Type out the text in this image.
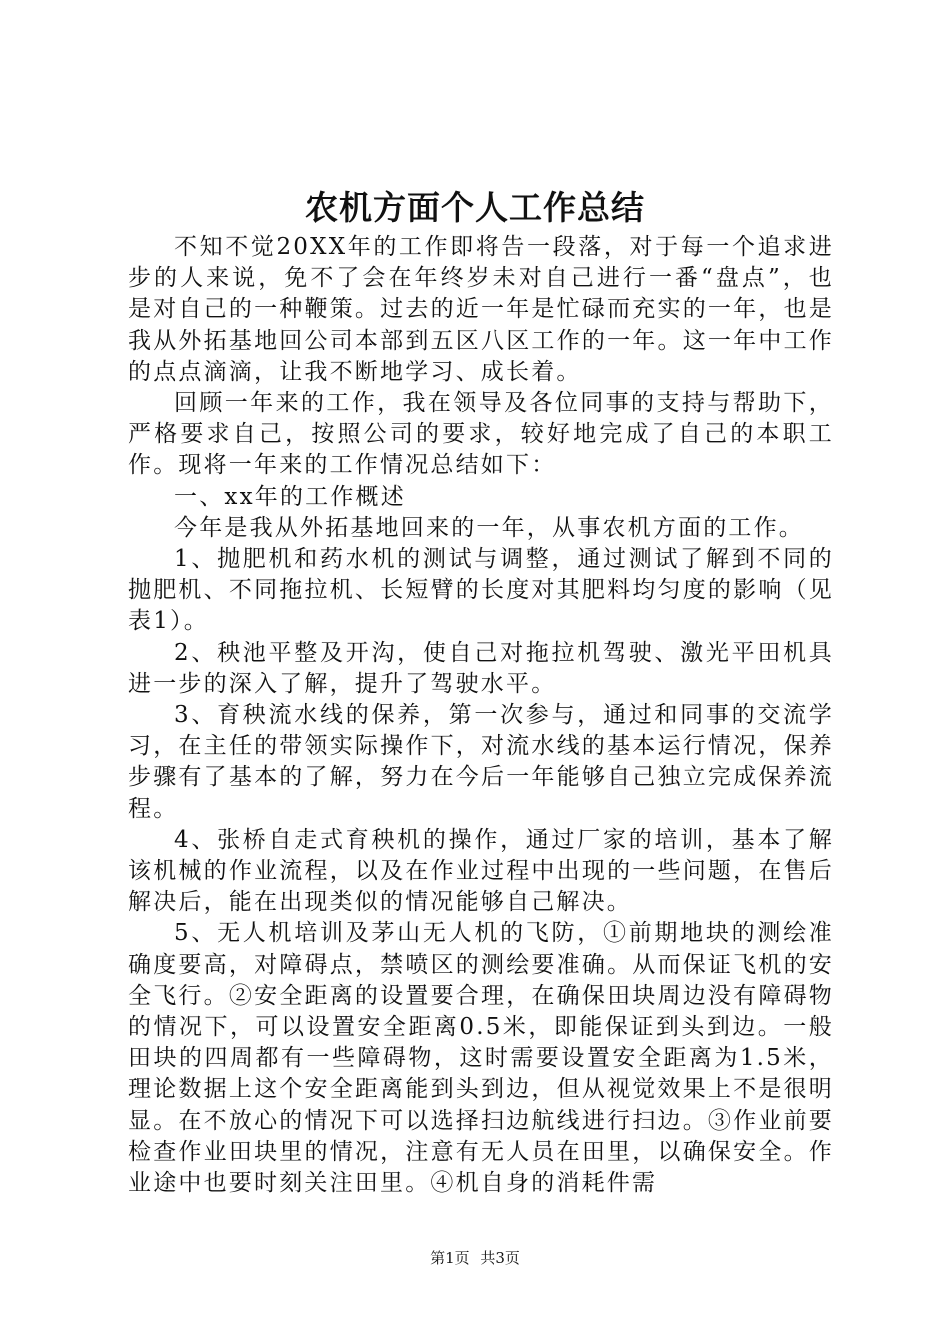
农机方面个人工作总结

不知不觉20XX年的工作即将告一段落，对于每一个追求进步的人来说，免不了会在年终岁未对自己进行一番“盘点”，也是对自己的一种鞭策。过去的近一年是忙碌而充实的一年，也是我从外拓基地回公司本部到五区八区工作的一年。这一年中工作的点点滴滴，让我不断地学习、成长着。

回顾一年来的工作，我在领导及各位同事的支持与帮助下，严格要求自己，按照公司的要求，较好地完成了自己的本职工作。现将一年来的工作情况总结如下：

一、xx年的工作概述

今年是我从外拓基地回来的一年，从事农机方面的工作。

1、抛肥机和药水机的测试与调整，通过测试了解到不同的抛肥机、不同拖拉机、长短臂的长度对其肥料均匀度的影响（见表1）。

2、秧池平整及开沟，使自己对拖拉机驾驶、激光平田机具进一步的深入了解，提升了驾驶水平。

3、育秧流水线的保养，第一次参与，通过和同事的交流学习，在主任的带领实际操作下，对流水线的基本运行情况，保养步骤有了基本的了解，努力在今后一年能够自己独立完成保养流程。

4、张桥自走式育秧机的操作，通过厂家的培训，基本了解该机械的作业流程，以及在作业过程中出现的一些问题，在售后解决后，能在出现类似的情况能够自己解决。

5、无人机培训及茅山无人机的飞防，①前期地块的测绘准确度要高，对障碍点，禁喷区的测绘要准确。从而保证飞机的安全飞行。②安全距离的设置要合理，在确保田块周边没有障碍物的情况下，可以设置安全距离0.5米，即能保证到头到边。一般田块的四周都有一些障碍物，这时需要设置安全距离为1.5米，理论数据上这个安全距离能到头到边，但从视觉效果上不是很明显。在不放心的情况下可以选择扫边航线进行扫边。③作业前要检查作业田块里的情况，注意有无人员在田里，以确保安全。作业途中也要时刻关注田里。④机自身的消耗件需

第1页 共3页
